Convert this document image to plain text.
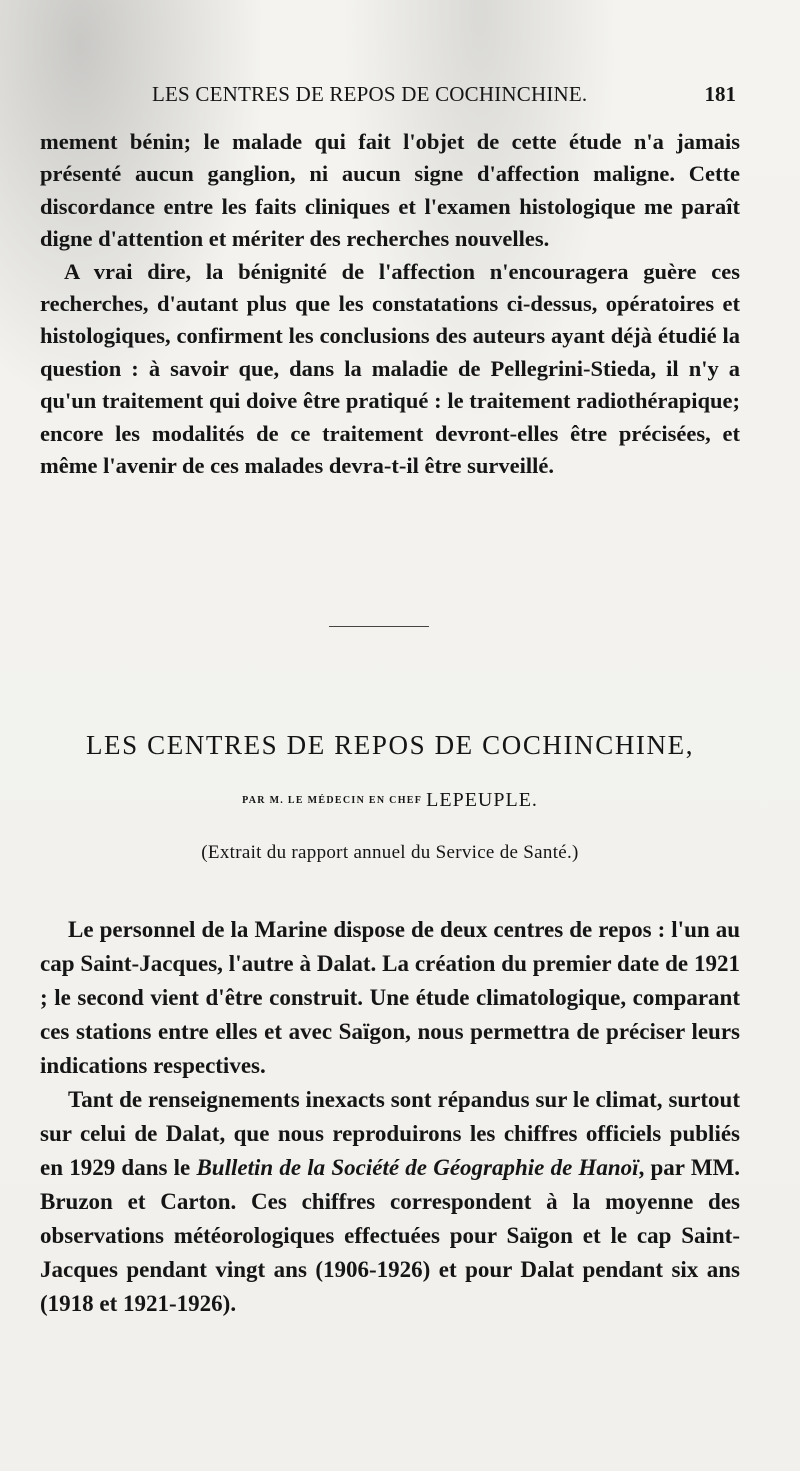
LES CENTRES DE REPOS DE COCHINCHINE.	181

mement bénin; le malade qui fait l'objet de cette étude n'a jamais présenté aucun ganglion, ni aucun signe d'affection maligne. Cette discordance entre les faits cliniques et l'examen histologique me paraît digne d'attention et mériter des recherches nouvelles.

A vrai dire, la bénignité de l'affection n'encouragera guère ces recherches, d'autant plus que les constatations ci-dessus, opératoires et histologiques, confirment les conclusions des auteurs ayant déjà étudié la question : à savoir que, dans la maladie de Pellegrini-Stieda, il n'y a qu'un traitement qui doive être pratiqué : le traitement radiothérapique; encore les modalités de ce traitement devront-elles être précisées, et même l'avenir de ces malades devra-t-il être surveillé.

LES CENTRES DE REPOS DE COCHINCHINE,
PAR M. LE MÉDECIN EN CHEF LEPEUPLE.
(Extrait du rapport annuel du Service de Santé.)

Le personnel de la Marine dispose de deux centres de repos : l'un au cap Saint-Jacques, l'autre à Dalat. La création du premier date de 1921 ; le second vient d'être construit. Une étude climatologique, comparant ces stations entre elles et avec Saïgon, nous permettra de préciser leurs indications respectives.

Tant de renseignements inexacts sont répandus sur le climat, surtout sur celui de Dalat, que nous reproduirons les chiffres officiels publiés en 1929 dans le Bulletin de la Société de Géographie de Hanoï, par MM. Bruzon et Carton. Ces chiffres correspondent à la moyenne des observations météorologiques effectuées pour Saïgon et le cap Saint-Jacques pendant vingt ans (1906-1926) et pour Dalat pendant six ans (1918 et 1921-1926).
